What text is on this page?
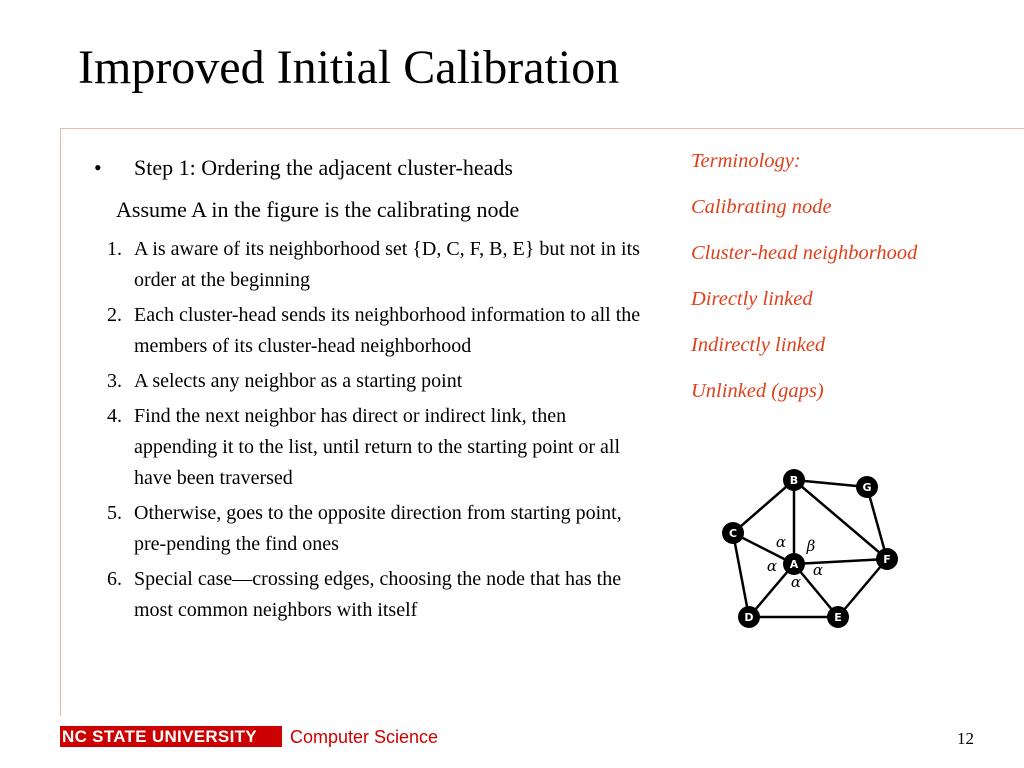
Improved Initial Calibration
• Step 1: Ordering the adjacent cluster-heads
Assume A in the figure is the calibrating node
1. A is aware of its neighborhood set {D, C, F, B, E} but not in its order at the beginning
2. Each cluster-head sends its neighborhood information to all the members of its cluster-head neighborhood
3. A selects any neighbor as a starting point
4. Find the next neighbor has direct or indirect link, then appending it to the list, until return to the starting point or all have been traversed
5. Otherwise, goes to the opposite direction from starting point, pre-pending the find ones
6. Special case—crossing edges, choosing the node that has the most common neighbors with itself
Terminology:
Calibrating node
Cluster-head neighborhood
Directly linked
Indirectly linked
Unlinked (gaps)
A
B
C
D	E
F
G
α β
α α
α
NC STATE UNIVERSITY	Computer Science	12
